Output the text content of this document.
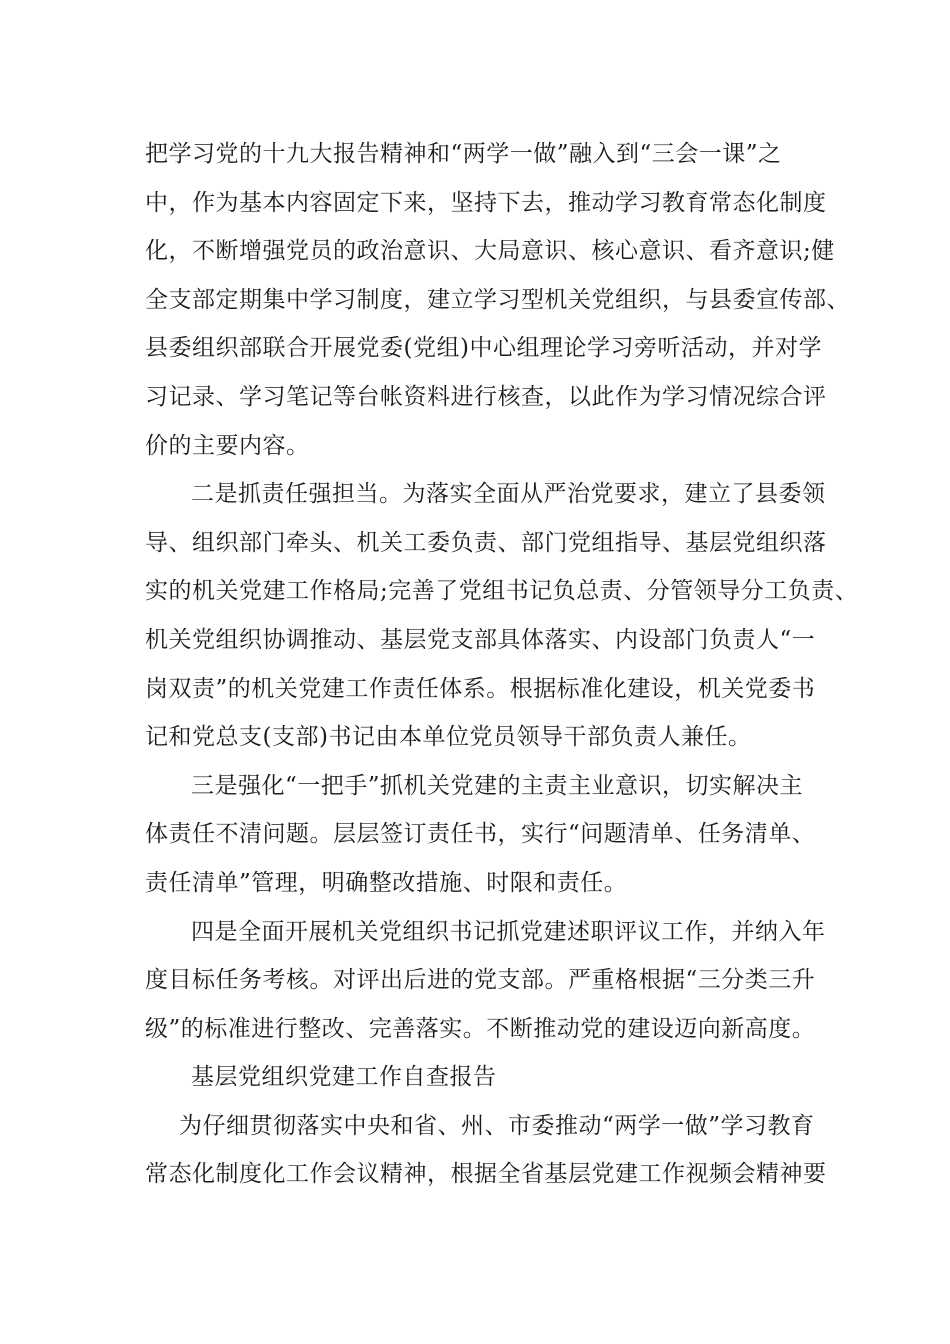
把学习党的十九大报告精神和“两学一做”融入到“三会一课”之
中，作为基本内容固定下来，坚持下去，推动学习教育常态化制度
化，不断增强党员的政治意识、大局意识、核心意识、看齐意识;健
全支部定期集中学习制度，建立学习型机关党组织，与县委宣传部、
县委组织部联合开展党委(党组)中心组理论学习旁听活动，并对学
习记录、学习笔记等台帐资料进行核查，以此作为学习情况综合评
价的主要内容。
二是抓责任强担当。为落实全面从严治党要求，建立了县委领
导、组织部门牵头、机关工委负责、部门党组指导、基层党组织落
实的机关党建工作格局;完善了党组书记负总责、分管领导分工负责、
机关党组织协调推动、基层党支部具体落实、内设部门负责人“一
岗双责”的机关党建工作责任体系。根据标准化建设，机关党委书
记和党总支(支部)书记由本单位党员领导干部负责人兼任。
三是强化“一把手”抓机关党建的主责主业意识，切实解决主
体责任不清问题。层层签订责任书，实行“问题清单、任务清单、
责任清单”管理，明确整改措施、时限和责任。
四是全面开展机关党组织书记抓党建述职评议工作，并纳入年
度目标任务考核。对评出后进的党支部。严重格根据“三分类三升
级”的标准进行整改、完善落实。不断推动党的建设迈向新高度。
基层党组织党建工作自查报告
为仔细贯彻落实中央和省、州、市委推动“两学一做”学习教育
常态化制度化工作会议精神，根据全省基层党建工作视频会精神要
